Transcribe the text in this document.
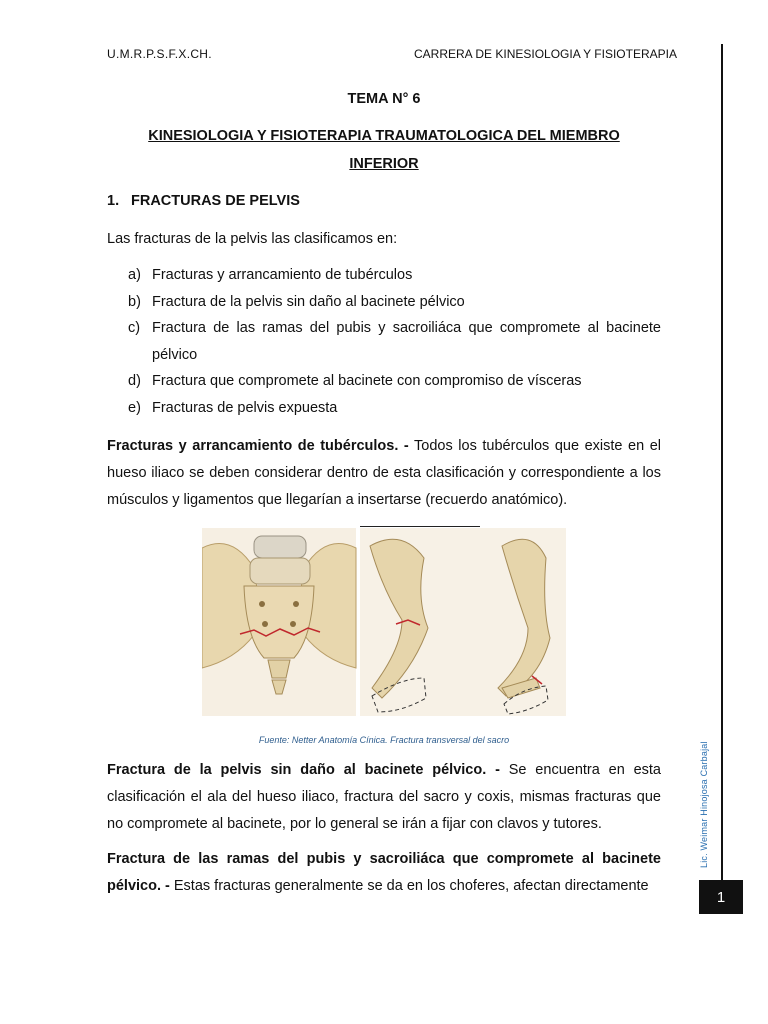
U.M.R.P.S.F.X.CH.	CARRERA DE KINESIOLOGIA Y FISIOTERAPIA
Lic. Weimar Hinojosa Carbajal
1
TEMA N° 6
KINESIOLOGIA Y FISIOTERAPIA TRAUMATOLOGICA DEL MIEMBRO
INFERIOR
1. FRACTURAS DE PELVIS
Las fracturas de la pelvis las clasificamos en:
a) Fracturas y arrancamiento de tubérculos
b) Fractura de la pelvis sin daño al bacinete pélvico
c) Fractura de las ramas del pubis y sacroiliáca que compromete al bacinete pélvico
d) Fractura que compromete al bacinete con compromiso de vísceras
e) Fracturas de pelvis expuesta
Fracturas y arrancamiento de tubérculos. - Todos los tubérculos que existe en el hueso iliaco se deben considerar dentro de esta clasificación y correspondiente a los músculos y ligamentos que llegarían a insertarse (recuerdo anatómico).
Fuente: Netter Anatomía Cínica. Fractura transversal del sacro
Fractura de la pelvis sin daño al bacinete pélvico. - Se encuentra en esta clasificación el ala del hueso iliaco, fractura del sacro y coxis, mismas fracturas que no compromete al bacinete, por lo general se irán a fijar con clavos y tutores.
Fractura de las ramas del pubis y sacroiliáca que compromete al bacinete pélvico. - Estas fracturas generalmente se da en los choferes, afectan directamente
